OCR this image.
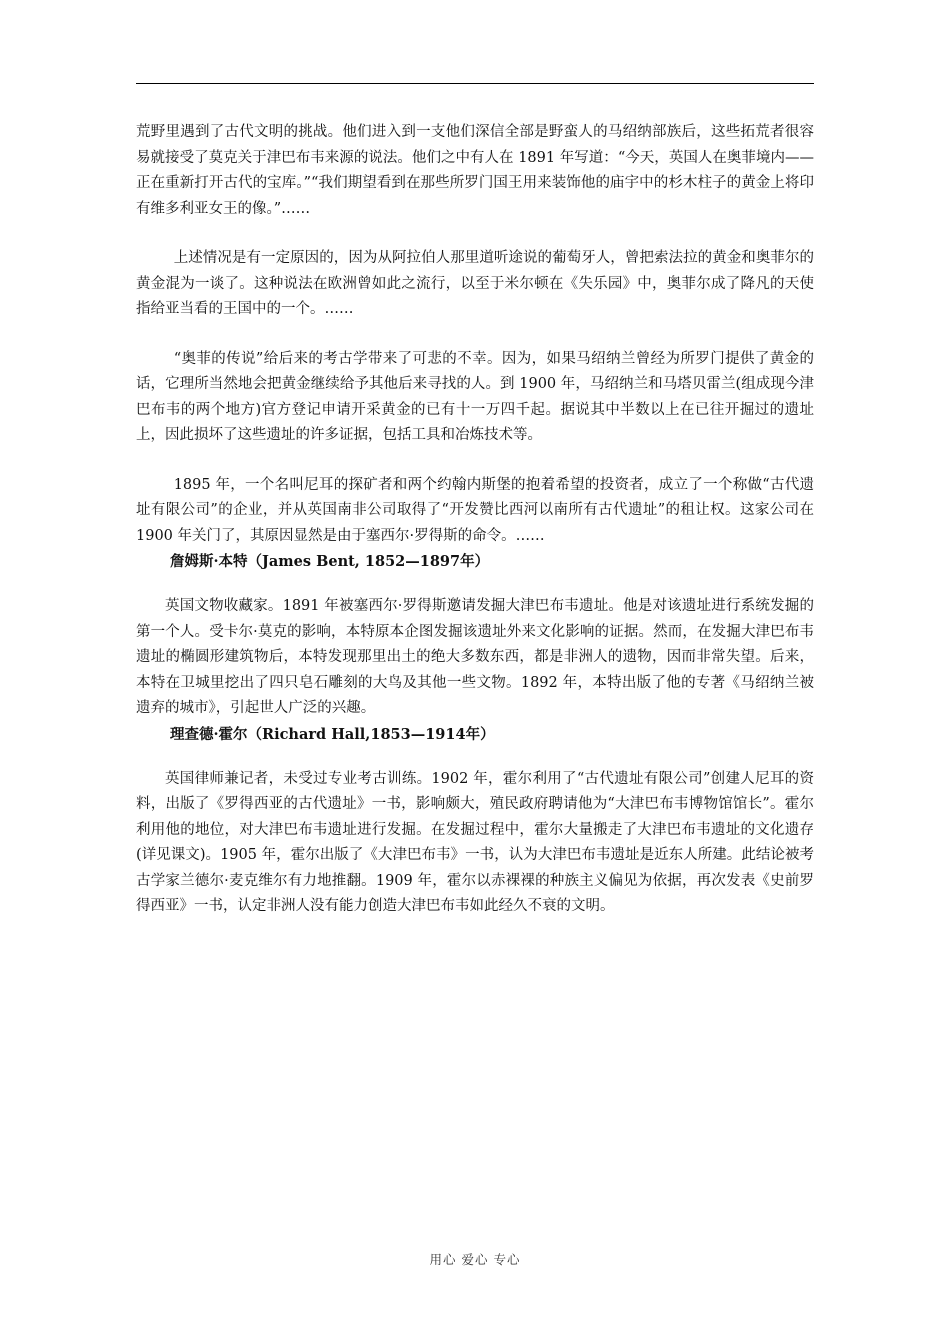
荒野里遇到了古代文明的挑战。他们进入到一支他们深信全部是野蛮人的马绍纳部族后，这些拓荒者很容易就接受了莫克关于津巴布韦来源的说法。他们之中有人在 1891 年写道：“今天，英国人在奥菲境内——正在重新打开古代的宝库。”“我们期望看到在那些所罗门国王用来装饰他的庙宇中的杉木柱子的黄金上将印有维多利亚女王的像。”……

上述情况是有一定原因的，因为从阿拉伯人那里道听途说的葡萄牙人，曾把索法拉的黄金和奥菲尔的黄金混为一谈了。这种说法在欧洲曾如此之流行，以至于米尔顿在《失乐园》中，奥菲尔成了降凡的天使指给亚当看的王国中的一个。……

“奥菲的传说”给后来的考古学带来了可悲的不幸。因为，如果马绍纳兰曾经为所罗门提供了黄金的话，它理所当然地会把黄金继续给予其他后来寻找的人。到 1900 年，马绍纳兰和马塔贝雷兰(组成现今津巴布韦的两个地方)官方登记申请开采黄金的已有十一万四千起。据说其中半数以上在已往开掘过的遗址上，因此损坏了这些遗址的许多证据，包括工具和冶炼技术等。

1895 年，一个名叫尼耳的探矿者和两个约翰内斯堡的抱着希望的投资者，成立了一个称做“古代遗址有限公司”的企业，并从英国南非公司取得了“开发赞比西河以南所有古代遗址”的租让权。这家公司在 1900 年关门了，其原因显然是由于塞西尔·罗得斯的命令。……

詹姆斯·本特（James Bent, 1852—1897年）

英国文物收藏家。1891 年被塞西尔·罗得斯邀请发掘大津巴布韦遗址。他是对该遗址进行系统发掘的第一个人。受卡尔·莫克的影响，本特原本企图发掘该遗址外来文化影响的证据。然而，在发掘大津巴布韦遗址的椭圆形建筑物后，本特发现那里出土的绝大多数东西，都是非洲人的遗物，因而非常失望。后来，本特在卫城里挖出了四只皂石雕刻的大鸟及其他一些文物。1892 年，本特出版了他的专著《马绍纳兰被遗弃的城市》，引起世人广泛的兴趣。

理查德·霍尔（Richard Hall,1853—1914年）

英国律师兼记者，未受过专业考古训练。1902 年，霍尔利用了“古代遗址有限公司”创建人尼耳的资料，出版了《罗得西亚的古代遗址》一书，影响颇大，殖民政府聘请他为“大津巴布韦博物馆馆长”。霍尔利用他的地位，对大津巴布韦遗址进行发掘。在发掘过程中，霍尔大量搬走了大津巴布韦遗址的文化遗存(详见课文)。1905 年，霍尔出版了《大津巴布韦》一书，认为大津巴布韦遗址是近东人所建。此结论被考古学家兰德尔·麦克维尔有力地推翻。1909 年，霍尔以赤裸裸的种族主义偏见为依据，再次发表《史前罗得西亚》一书，认定非洲人没有能力创造大津巴布韦如此经久不衰的文明。

用心 爱心 专心
